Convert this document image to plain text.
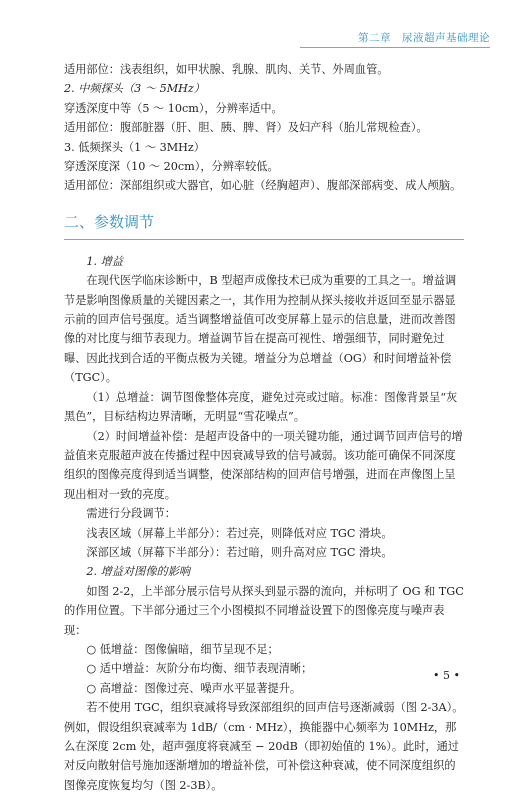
第二章　尿液超声基础理论

适用部位：浅表组织，如甲状腺、乳腺、肌肉、关节、外周血管。

2. 中频探头（3 ～ 5MHz）

穿透深度中等（5 ～ 10cm），分辨率适中。

适用部位：腹部脏器（肝、胆、胰、脾、肾）及妇产科（胎儿常规检查）。

3. 低频探头（1 ～ 3MHz）

穿透深度深（10 ～ 20cm），分辨率较低。

适用部位：深部组织或大器官，如心脏（经胸超声）、腹部深部病变、成人颅脑。

二、参数调节

1. 增益

在现代医学临床诊断中，B 型超声成像技术已成为重要的工具之一。增益调节是影响图像质量的关键因素之一，其作用为控制从探头接收并返回至显示器显示前的回声信号强度。适当调整增益值可改变屏幕上显示的信息量，进而改善图像的对比度与细节表现力。增益调节旨在提高可视性、增强细节，同时避免过曝、因此找到合适的平衡点极为关键。增益分为总增益（OG）和时间增益补偿（TGC）。

（1）总增益：调节图像整体亮度，避免过亮或过暗。标准：图像背景呈“灰黑色”，目标结构边界清晰，无明显“雪花噪点”。

（2）时间增益补偿：是超声设备中的一项关键功能，通过调节回声信号的增益值来克服超声波在传播过程中因衰减导致的信号减弱。该功能可确保不同深度组织的图像亮度得到适当调整，使深部结构的回声信号增强，进而在声像图上呈现出相对一致的亮度。

需进行分段调节：

浅表区域（屏幕上半部分）：若过亮，则降低对应 TGC 滑块。

深部区域（屏幕下半部分）：若过暗，则升高对应 TGC 滑块。

2. 增益对图像的影响

如图 2-2，上半部分展示信号从探头到显示器的流向，并标明了 OG 和 TGC 的作用位置。下半部分通过三个小图模拟不同增益设置下的图像亮度与噪声表现：

○ 低增益：图像偏暗，细节呈现不足；

○ 适中增益：灰阶分布均衡、细节表现清晰；

○ 高增益：图像过亮、噪声水平显著提升。

若不使用 TGC，组织衰减将导致深部组织的回声信号逐渐减弱（图 2-3A）。例如，假设组织衰减率为 1dB/（cm · MHz），换能器中心频率为 10MHz，那么在深度 2cm 处，超声强度将衰减至 − 20dB（即初始值的 1%）。此时，通过对反向散射信号施加逐渐增加的增益补偿，可补偿这种衰减，使不同深度组织的图像亮度恢复均匀（图 2-3B）。

• 5 •
